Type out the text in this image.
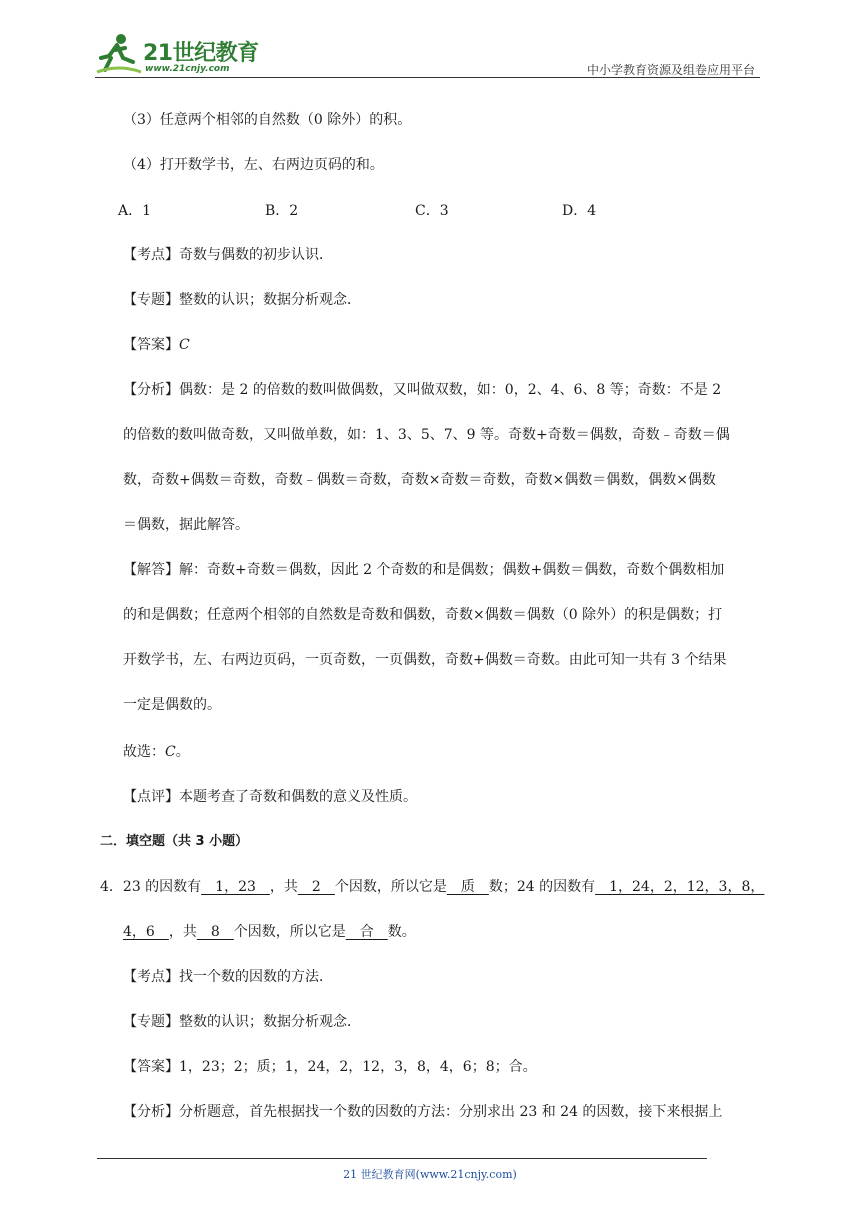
21世纪教育
www.21cnjy.com	中小学教育资源及组卷应用平台
（3）任意两个相邻的自然数（0 除外）的积。
（4）打开数学书，左、右两边页码的和。
A．1	B．2	C．3	D．4
【考点】奇数与偶数的初步认识．
【专题】整数的认识；数据分析观念．
【答案】C
【分析】偶数：是 2 的倍数的数叫做偶数，又叫做双数，如：0，2、4、6、8 等；奇数：不是 2
的倍数的数叫做奇数，又叫做单数，如：1、3、5、7、9 等。奇数+奇数＝偶数，奇数﹣奇数＝偶
数，奇数+偶数＝奇数，奇数﹣偶数＝奇数，奇数×奇数＝奇数，奇数×偶数＝偶数，偶数×偶数
＝偶数，据此解答。
【解答】解：奇数+奇数＝偶数，因此 2 个奇数的和是偶数；偶数+偶数＝偶数，奇数个偶数相加
的和是偶数；任意两个相邻的自然数是奇数和偶数，奇数×偶数＝偶数（0 除外）的积是偶数；打
开数学书，左、右两边页码，一页奇数，一页偶数，奇数+偶数＝奇数。由此可知一共有 3 个结果
一定是偶数的。
故选：C。
【点评】本题考查了奇数和偶数的意义及性质。
二．填空题（共 3 小题）
4．23 的因数有　1，23　，共　2　个因数，所以它是　质　数；24 的因数有　1，24，2，12，3，8，
4，6　，共　8　个因数，所以它是　合　数。
【考点】找一个数的因数的方法．
【专题】整数的认识；数据分析观念．
【答案】1，23；2；质；1，24，2，12，3，8，4，6；8；合。
【分析】分析题意，首先根据找一个数的因数的方法：分别求出 23 和 24 的因数，接下来根据上
21 世纪教育网(www.21cnjy.com)
